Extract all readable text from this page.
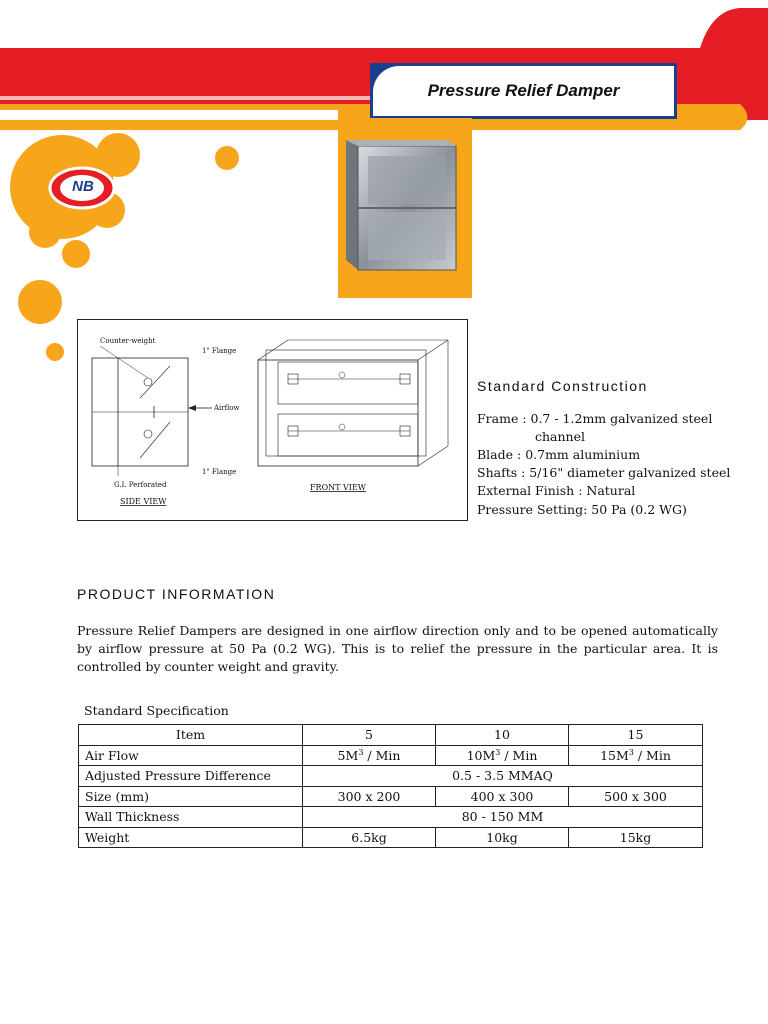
NB
Pressure Relief Damper
Counter-weight
1" Flange
Airflow
1" Flange
G.I. Perforated
SIDE VIEW
FRONT VIEW
Standard Construction
Frame : 0.7 - 1.2mm galvanized steel
channel
Blade : 0.7mm aluminium
Shafts : 5/16" diameter galvanized steel
External Finish : Natural
Pressure Setting: 50 Pa (0.2 WG)
PRODUCT INFORMATION
Pressure Relief Dampers are designed in one airflow direction only and to be opened automatically by airflow pressure at 50 Pa (0.2 WG). This is to relief the pressure in the particular area. It is controlled by counter weight and gravity.
Standard Specification
Item	5	10	15
Air Flow	$5M^3$ / Min	$10M^3$ / Min	$15M^3$ / Min
Adjusted Pressure Difference	0.5 - 3.5 MMAQ		
Size (mm)	300 x 200	400 x 300	500 x 300
Wall Thickness	80 - 150 MM		
Weight	6.5kg	10kg	15kg
